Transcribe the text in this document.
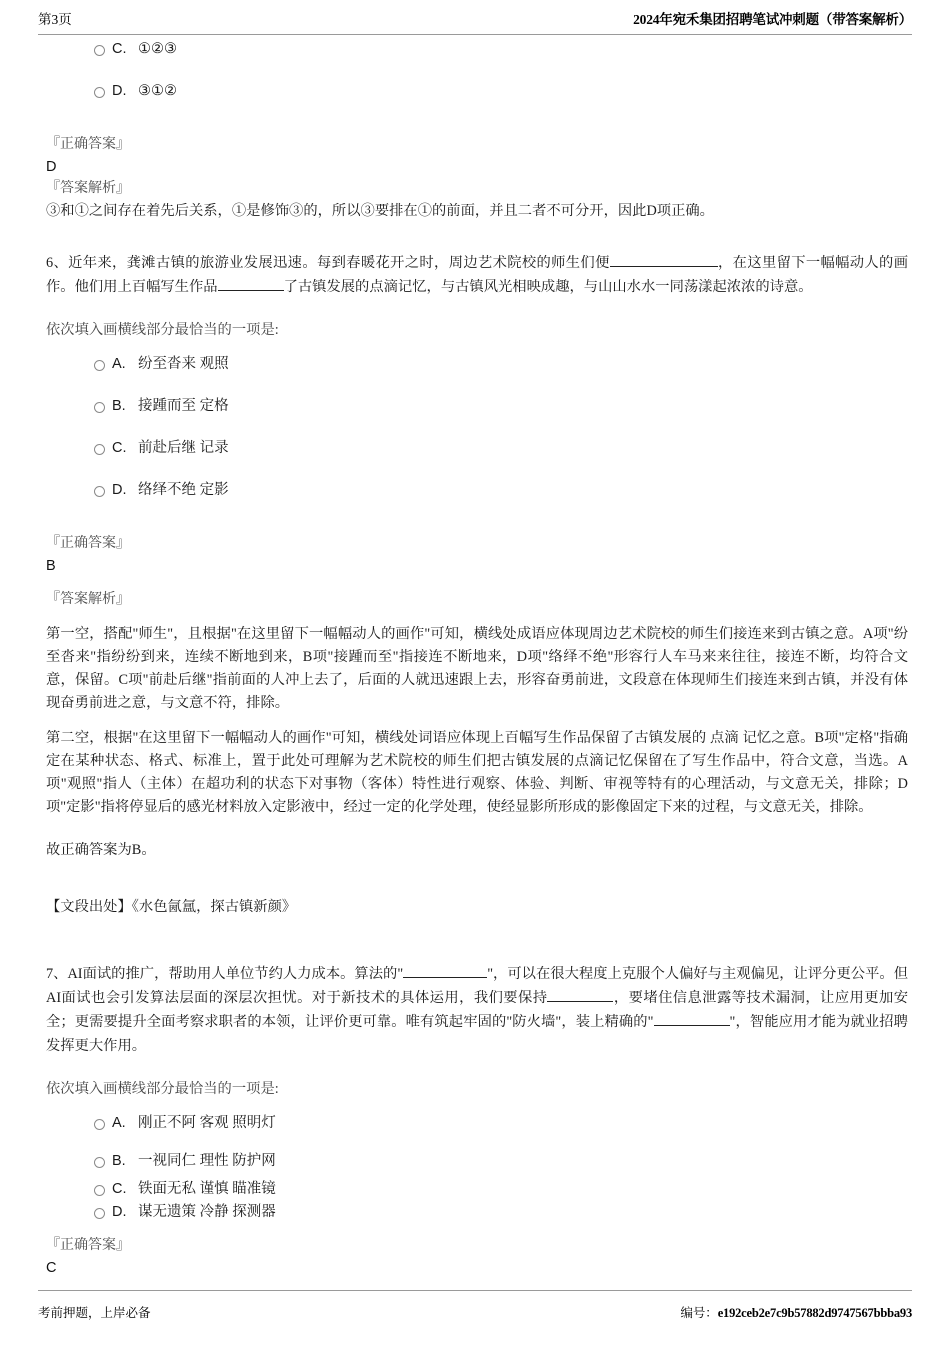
第3页	2024年宛禾集团招聘笔试冲刺题（带答案解析）
C. ①②③
D. ③①②
『正确答案』
D
『答案解析』

③和①之间存在着先后关系，①是修饰③的，所以③要排在①的前面，并且二者不可分开，因此D项正确。

6、近年来，龚滩古镇的旅游业发展迅速。每到春暖花开之时，周边艺术院校的师生们便	，在这里留下一幅幅动人的画作。他们用上百幅写生作品	了古镇发展的点滴记忆，与古镇风光相映成趣，与山山水水一同荡漾起浓浓的诗意。

依次填入画横线部分最恰当的一项是:

A. 纷至沓来 观照
B. 接踵而至 定格
C. 前赴后继 记录
D. 络绎不绝 定影
『正确答案』
B
『答案解析』

第一空，搭配"师生"，且根据"在这里留下一幅幅动人的画作"可知，横线处成语应体现周边艺术院校的师生们接连来到古镇之意。A项"纷至沓来"指纷纷到来，连续不断地到来，B项"接踵而至"指接连不断地来，D项"络绎不绝"形容行人车马来来往往，接连不断，均符合文意，保留。C项"前赴后继"指前面的人冲上去了，后面的人就迅速跟上去，形容奋勇前进，文段意在体现师生们接连来到古镇，并没有体现奋勇前进之意，与文意不符，排除。

第二空，根据"在这里留下一幅幅动人的画作"可知，横线处词语应体现上百幅写生作品保留了古镇发展的 点滴 记忆之意。B项"定格"指确定在某种状态、格式、标准上，置于此处可理解为艺术院校的师生们把古镇发展的点滴记忆保留在了写生作品中，符合文意，当选。A项"观照"指人（主体）在超功利的状态下对事物（客体）特性进行观察、体验、判断、审视等特有的心理活动，与文意无关，排除；D项"定影"指将停显后的感光材料放入定影液中，经过一定的化学处理，使经显影所形成的影像固定下来的过程，与文意无关，排除。

故正确答案为B。

【文段出处】《水色氤氲，探古镇新颜》

7、AI面试的推广，帮助用人单位节约人力成本。算法的"	"，可以在很大程度上克服个人偏好与主观偏见，让评分更公平。但AI面试也会引发算法层面的深层次担忧。对于新技术的具体运用，我们要保持	，要堵住信息泄露等技术漏洞，让应用更加安全；更需要提升全面考察求职者的本领，让评价更可靠。唯有筑起牢固的"防火墙"，装上精确的"	"，智能应用才能为就业招聘发挥更大作用。

依次填入画横线部分最恰当的一项是:

A. 刚正不阿 客观 照明灯
B. 一视同仁 理性 防护网
C. 铁面无私 谨慎 瞄准镜
D. 谋无遗策 冷静 探测器
『正确答案』
C
考前押题，上岸必备	编号：e192ceb2e7c9b57882d9747567bbba93
